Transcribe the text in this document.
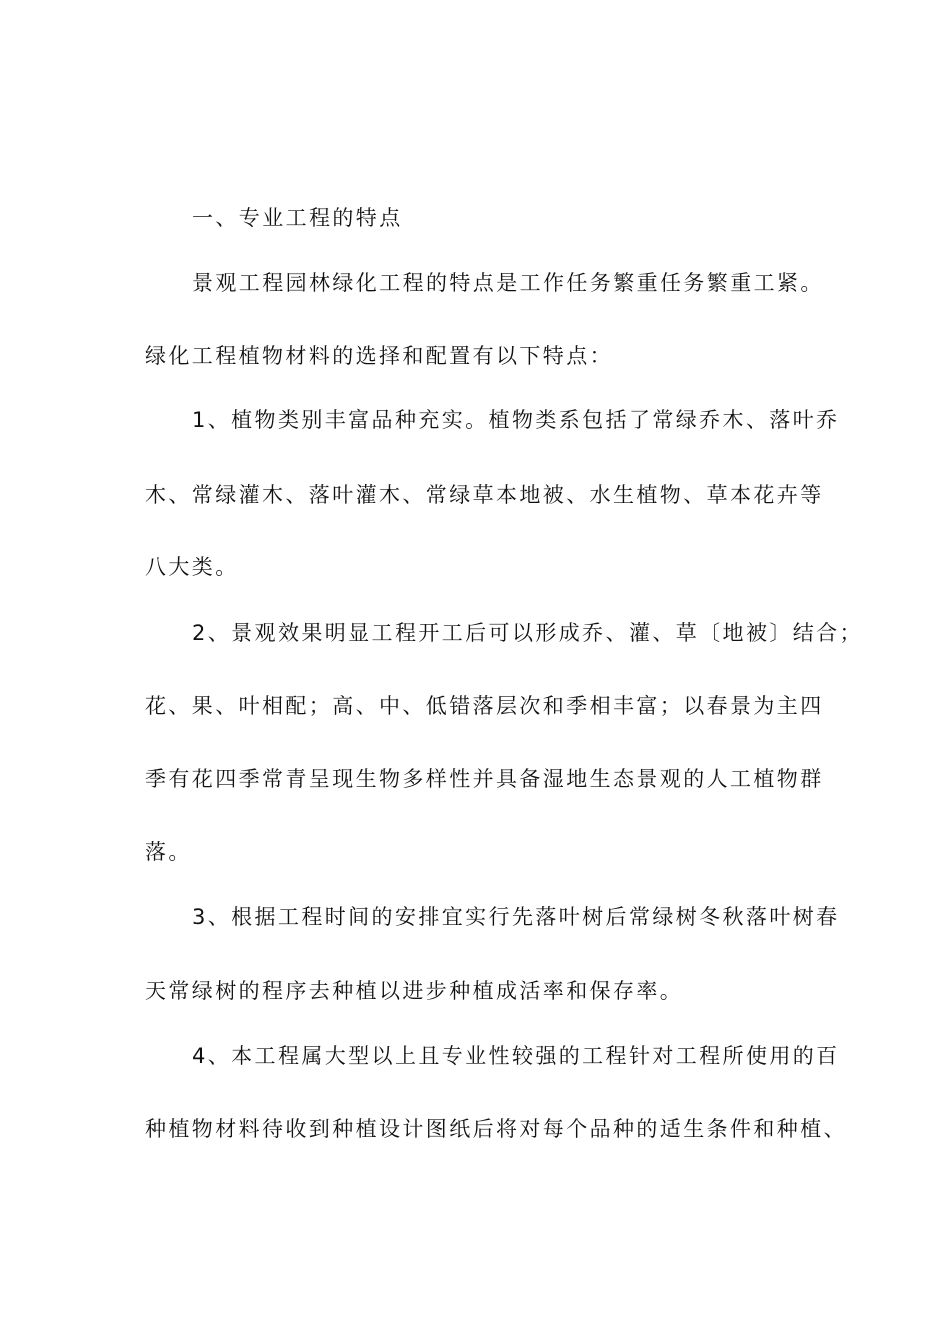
一、专业工程的特点
景观工程园林绿化工程的特点是工作任务繁重任务繁重工紧。
绿化工程植物材料的选择和配置有以下特点：
1、植物类别丰富品种充实。植物类系包括了常绿乔木、落叶乔
木、常绿灌木、落叶灌木、常绿草本地被、水生植物、草本花卉等
八大类。
2、景观效果明显工程开工后可以形成乔、灌、草〔地被〕结合；
花、果、叶相配；高、中、低错落层次和季相丰富；以春景为主四
季有花四季常青呈现生物多样性并具备湿地生态景观的人工植物群
落。
3、根据工程时间的安排宜实行先落叶树后常绿树冬秋落叶树春
天常绿树的程序去种植以进步种植成活率和保存率。
4、本工程属大型以上且专业性较强的工程针对工程所使用的百
种植物材料待收到种植设计图纸后将对每个品种的适生条件和种植、
